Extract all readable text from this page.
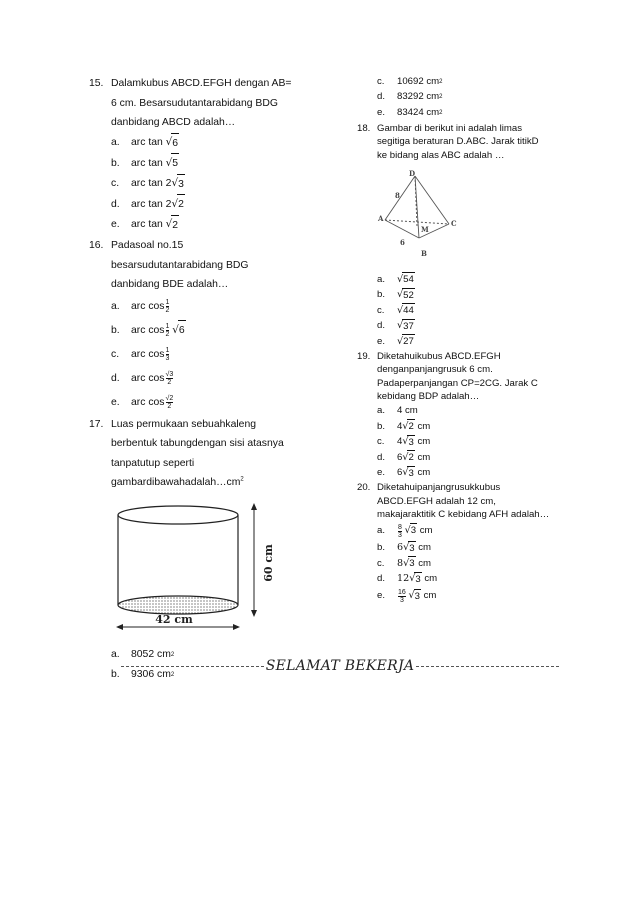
15. Dalamkubus ABCD.EFGH dengan AB=
6 cm. Besarsudutantarabidang BDG
danbidang ABCD adalah…
a.	arc tan √ 6
b.	arc tan √ 5
c.	arc tan 2 √ 3
d.	arc tan 2 √ 2
e.	arc tan √ 2
16. Padasoal no.15
besarsudutantarabidang BDG
danbidang BDE adalah…
a.	arc $\cos \frac{1}{2}$
b.	arc $\cos \frac{1}{2}$
√ 6
c.	arc $\cos \frac{1}{3}$
d.	arc $\cos \frac{√3}{2}$
e.	arc $\cos \frac{√2}{2}$
17. Luas permukaan sebuahkaleng
berbentuk tabungdengan sisi atasnya
tanpatutup seperti
$gambardibawahadalah\dots cm^2$
60 cm
42 cm
a.	8052 cm 2
b.	9306 cm 2
c.	10692 cm 2
d.	83292 cm 2
e.	83424 cm 2
18. Gambar di berikut ini adalah limas
segitiga beraturan D.ABC. Jarak titikD
ke bidang alas ABC adalah …
D
8
A
C
M
6
B
a.	√ 54
b.	√ 52
c.	√ 44
d.	√ 37
e.	√ 27
19. Diketahuikubus ABCD.EFGH
denganpanjangrusuk 6 cm.
Padaperpanjangan CP=2CG. Jarak C
kebidang BDP adalah…
a.	4 cm
b.	4 √ 2 cm
c.	4 √ 3 cm
d.	6 √ 2 cm
e.	6 √ 3 cm
20. Diketahuipanjangrusukkubus
ABCD.EFGH adalah 12 cm,
makajaraktitik C kebidang AFH adalah…
a.	$\frac{8}{3}$
√ 3 cm
b.	6 √ 3 cm
c.	8 √ 3 cm
d.	12 √ 3 cm
e.	$\frac{16}{3}$
√ 3 cm
SELAMAT BEKERJA
